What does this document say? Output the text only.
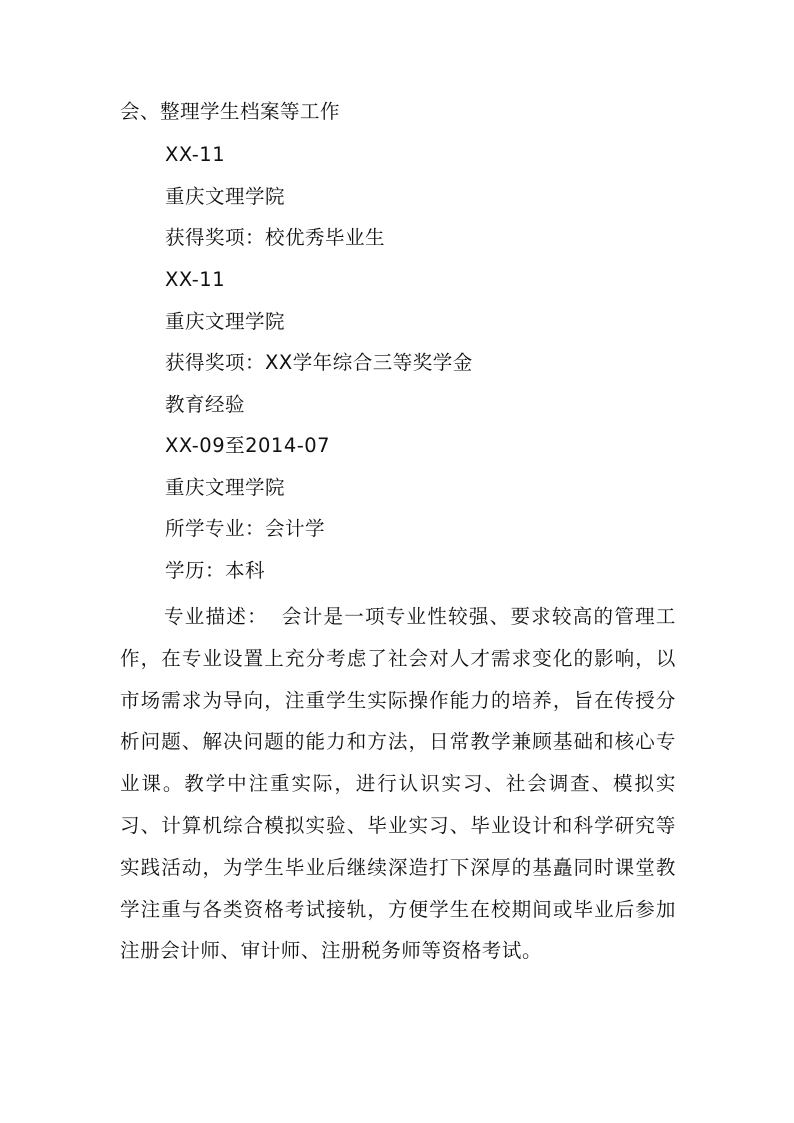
会、整理学生档案等工作
XX-11
重庆文理学院
获得奖项：校优秀毕业生
XX-11
重庆文理学院
获得奖项：XX学年综合三等奖学金
教育经验
XX-09至2014-07
重庆文理学院
所学专业：会计学
学历：本科
专业描述： 会计是一项专业性较强、要求较高的管理工作，在专业设置上充分考虑了社会对人才需求变化的影响，以市场需求为导向，注重学生实际操作能力的培养，旨在传授分析问题、解决问题的能力和方法，日常教学兼顾基础和核心专业课。教学中注重实际，进行认识实习、社会调查、模拟实习、计算机综合模拟实验、毕业实习、毕业设计和科学研究等实践活动，为学生毕业后继续深造打下深厚的基矗同时课堂教学注重与各类资格考试接轨，方便学生在校期间或毕业后参加注册会计师、审计师、注册税务师等资格考试。
